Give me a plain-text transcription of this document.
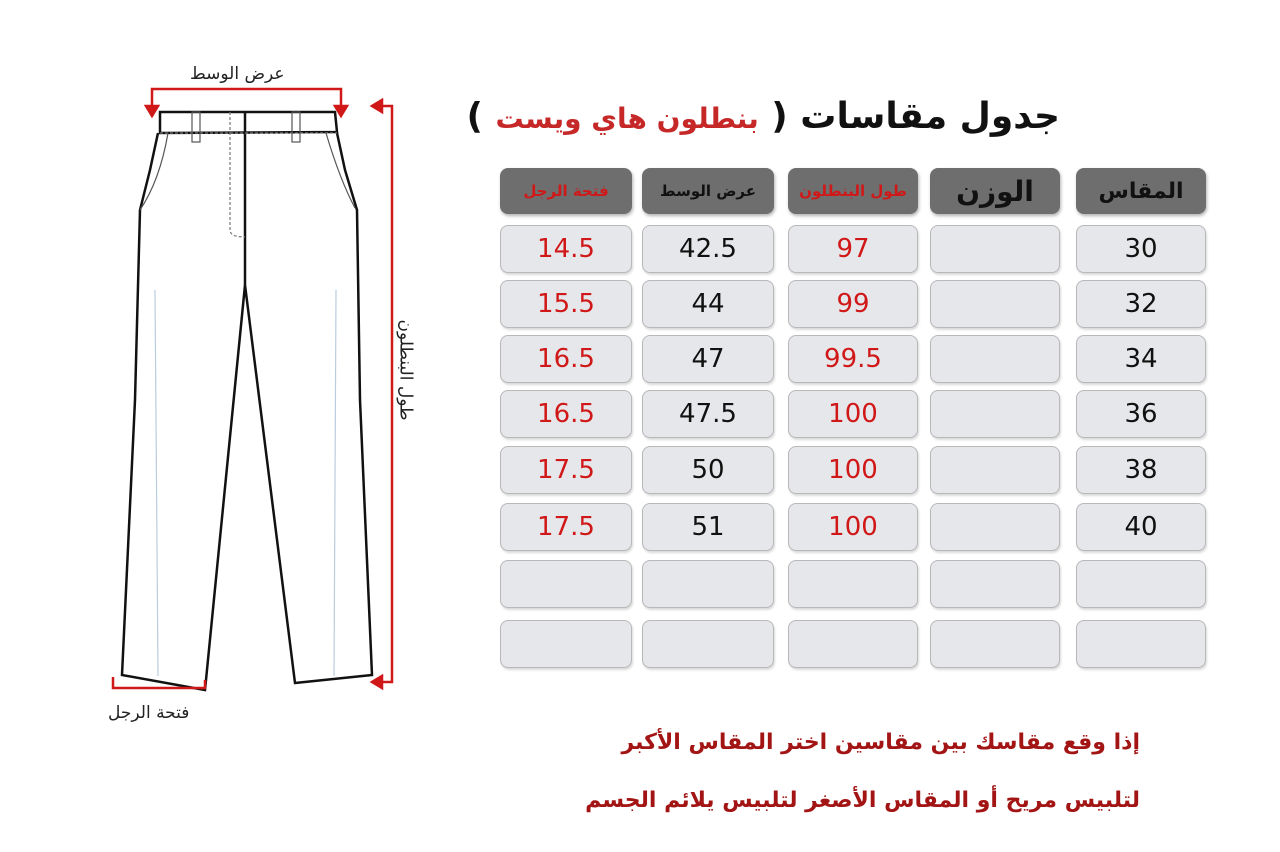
عرض الوسط
طول البنطلون
فتحة الرجل
جدول مقاسات ( بنطلون هاي ويست )
المقاس
الوزن
طول البنطلون
عرض الوسط
فتحة الرجل
30
97
42.5
14.5
32
99
44
15.5
34
99.5
47
16.5
36
100
47.5
16.5
38
100
50
17.5
40
100
51
17.5
إذا وقع مقاسك بين مقاسين اختر المقاس الأكبر
لتلبيس مريح أو المقاس الأصغر لتلبيس يلائم الجسم
